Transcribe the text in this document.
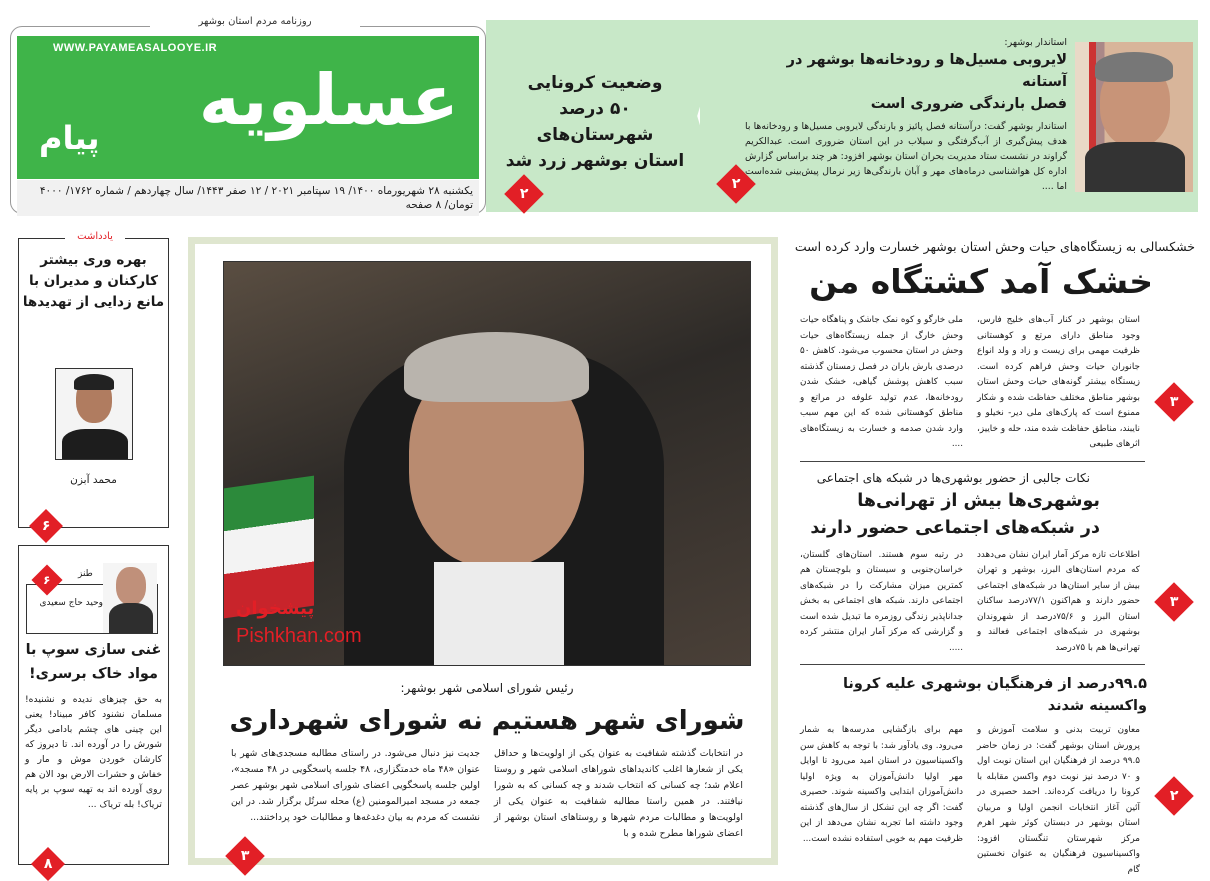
روزنامه مردم استان بوشهر
WWW.PAYAMEASALOOYE.IR
عسلویه
پیام
یکشنبه ۲۸ شهریورماه ۱۴۰۰/ ۱۹ سپتامبر ۲۰۲۱ / ۱۲ صفر ۱۴۴۳/ سال چهاردهم / شماره ۱۷۶۲/ ۴۰۰۰ تومان/ ۸ صفحه
وضعیت کرونایی
۵۰ درصد شهرستان‌های
استان بوشهر زرد شد
۲
استاندار بوشهر:
لایروبی مسیل‌ها و رودخانه‌ها بوشهر در آستانه
فصل بارندگی ضروری است
استاندار بوشهر گفت: درآستانه فصل پائیز و بارندگی لایروبی مسیل‌ها و رودخانه‌ها با هدف پیش‌گیری از آب‌گرفتگی و سیلاب در این استان ضروری است. عبدالکریم گراوند در نشست ستاد مدیریت بحران استان بوشهر افزود: هر چند براساس گزارش اداره کل هواشناسی درماه‌های مهر و آبان بارندگی‌ها زیر نرمال پیش‌بینی شده‌است اما ....
۲
یادداشت
بهره وری بیشتر کارکنان و مدیران با مانع زدایی از تهدیدها
محمد آبزن
۶
۶	طنز
وحید حاج سعیدی
غنی سازی سوپ با مواد خاک برسری!
به حق چیزهای ندیده و نشنیده! مسلمان نشنود کافر مبیناد! یعنی این چینی های چشم بادامی دیگر شورش را در آورده اند. تا دیروز که کارشان خوردن موش و مار و خفاش و حشرات الارض بود الان هم روی آورده اند به تهیه سوپ بر پایه تریاک! بله تریاک ...
۸
پیشخوان
Pishkhan.com
رئیس شورای اسلامی شهر بوشهر:
شورای شهر هستیم نه شورای شهرداری
در انتخابات گذشته شفافیت به عنوان یکی از اولویت‌ها و حداقل یکی از شعارها اغلب کاندیداهای شوراهای اسلامی شهر و روستا اعلام شد؛ چه کسانی که انتخاب شدند و چه کسانی که به شورا نیافتند. در همین راستا مطالبه شفافیت به عنوان یکی از اولویت‌ها و مطالبات مردم شهرها و روستاهای استان بوشهر از اعضای شوراها مطرح شده و با
جدیت نیز دنبال می‌شود. در راستای مطالبه مسجدی‌های شهر با عنوان «۴۸ ماه خدمتگزاری، ۴۸ جلسه پاسخگویی در ۴۸ مسجد»، اولین جلسه پاسخگویی اعضای شورای اسلامی شهر بوشهر عصر جمعه در مسجد امیرالمومنین (ع) محله سرتُل برگزار شد. در این نشست که مردم به بیان دغدغه‌ها و مطالبات خود پرداختند...
۳
خشکسالی به زیستگاه‌های حیات وحش استان بوشهر خسارت وارد کرده است
خشک آمد کشتگاه من
استان بوشهر در کنار آب‌های خلیج فارس، وجود مناطق دارای مرتع و کوهستانی ظرفیت مهمی برای زیست و زاد و ولد انواع جانوران حیات وحش فراهم کرده است. زیستگاه بیشتر گونه‌های حیات وحش استان بوشهر مناطق مختلف حفاظت شده و شکار ممنوع است که پارک‌های ملی دیر- نخیلو و نایبند، مناطق حفاظت شده مند، حله و خاییز، اثرهای طبیعی
ملی خارگو و کوه نمک جاشک و پناهگاه حیات وحش خارگ از جمله زیستگاه‌های حیات وحش در استان محسوب می‌شود. کاهش ۵۰ درصدی بارش باران در فصل زمستان گذشته سبب کاهش پوشش گیاهی، خشک شدن رودخانه‌ها، عدم تولید علوفه در مراتع و مناطق کوهستانی شده که این مهم سبب وارد شدن صدمه و خسارت به زیستگاه‌های ....
نکات جالبی از حضور بوشهری‌ها در شبکه های اجتماعی
بوشهری‌ها بیش از تهرانی‌ها
در شبکه‌های اجتماعی حضور دارند
اطلاعات تازه مرکز آمار ایران نشان می‌دهدد که مردم استان‌های البرز، بوشهر و تهران بیش از سایر استان‌ها در شبکه‌های اجتماعی حضور دارند و هم‌اکنون ۷۷/۱درصد ساکنان استان البرز و ۷۵/۶درصد از شهروندان بوشهری در شبکه‌های اجتماعی فعالند و تهرانی‌ها هم با ۷۵درصد
در رتبه سوم هستند. استان‌های گلستان، خراسان‌جنوبی و سیستان و بلوچستان هم کمترین میزان مشارکت را در شبکه‌های اجتماعی دارند. شبکه های اجتماعی به بخش جداناپذیر زندگی روزمره ما تبدیل شده است و گزارشی که مرکز آمار ایران منتشر کرده .....
۹۹.۵درصد از فرهنگیان بوشهری علیه کرونا واکسینه شدند
معاون تربیت بدنی و سلامت آموزش و پرورش استان بوشهر گفت: در زمان حاضر ۹۹.۵ درصد از فرهنگیان این استان نوبت اول و ۷۰ درصد نیز نوبت دوم واکسن مقابله با کرونا را دریافت کرده‌اند. احمد حصیری در آئین آغاز انتخابات انجمن اولیا و مربیان استان بوشهر در دبستان کوثر شهر اهرم مرکز شهرستان تنگستان افزود: واکسیناسیون فرهنگیان به عنوان نخستین گام
مهم برای بازگشایی مدرسه‌ها به شمار می‌رود. وی یادآور شد: با توجه به کاهش سن واکسیناسیون در استان امید می‌رود تا اوایل مهر اولیا دانش‌آموزان به ویژه اولیا دانش‌آموزان ابتدایی واکسینه شوند. حصیری گفت: اگر چه این تشکل از سال‌های گذشته وجود داشته اما تجربه نشان می‌دهد از این ظرفیت مهم به خوبی استفاده نشده است...
۳
۳
۲
